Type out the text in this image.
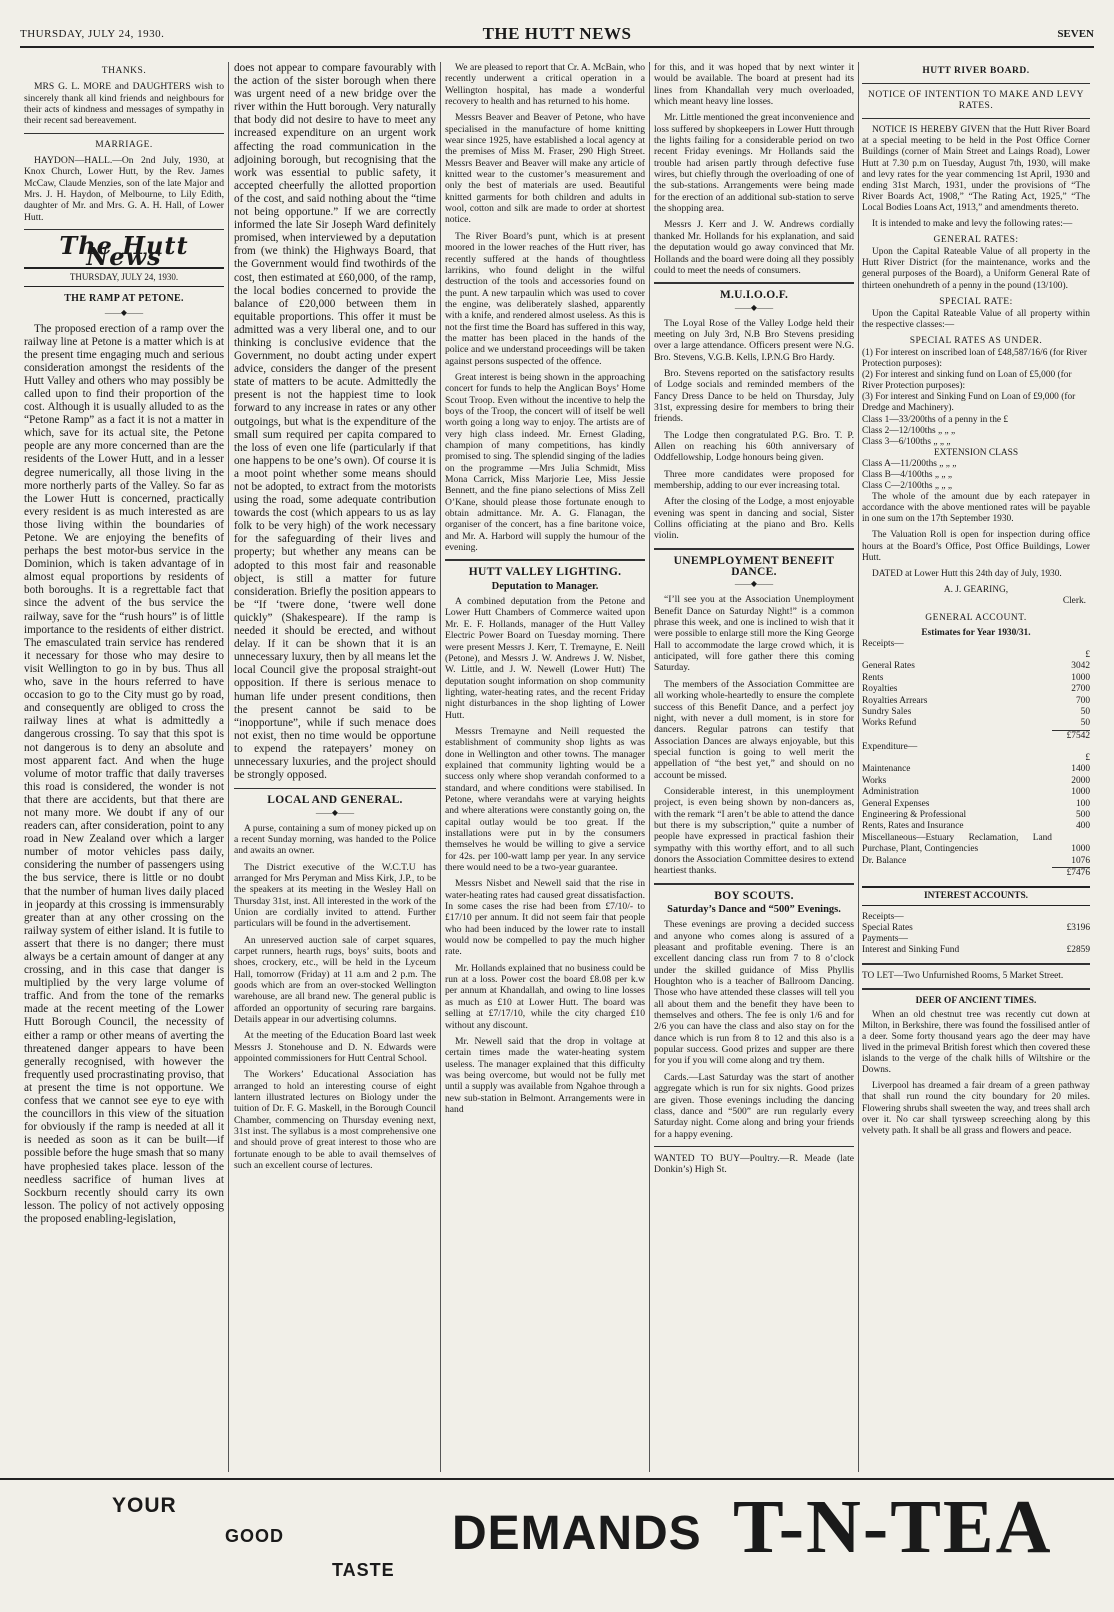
THURSDAY, JULY 24, 1930.	THE HUTT NEWS	SEVEN
THANKS.

MRS G. L. MORE and DAUGHTERS wish to sincerely thank all kind friends and neighbours for their acts of kindness and messages of sympathy in their recent sad bereavement.

MARRIAGE.

HAYDON—HALL.—On 2nd July, 1930, at Knox Church, Lower Hutt, by the Rev. James McCaw, Claude Menzies, son of the late Major and Mrs. J. H. Haydon, of Melbourne, to Lily Edith, daughter of Mr. and Mrs. G. A. H. Hall, of Lower Hutt.

The Hutt News
THURSDAY, JULY 24, 1930.
THE RAMP AT PETONE.
——◆——

The proposed erection of a ramp over the railway line at Petone is a matter which is at the present time engaging much and serious consideration amongst the residents of the Hutt Valley and others who may possibly be called upon to find their proportion of the cost. Although it is usually alluded to as the “Petone Ramp” as a fact it is not a matter in which, save for its actual site, the Petone people are any more concerned than are the residents of the Lower Hutt, and in a lesser degree numerically, all those living in the more northerly parts of the Valley. So far as the Lower Hutt is concerned, practically every resident is as much interested as are those living within the boundaries of Petone. We are enjoying the benefits of perhaps the best motor-bus service in the Dominion, which is taken advantage of in almost equal proportions by residents of both boroughs. It is a regrettable fact that since the advent of the bus service the railway, save for the “rush hours” is of little importance to the residents of either district. The emasculated train service has rendered it necessary for those who may desire to visit Wellington to go in by bus. Thus all who, save in the hours referred to have occasion to go to the City must go by road, and consequently are obliged to cross the railway lines at what is admittedly a dangerous crossing. To say that this spot is not dangerous is to deny an absolute and most apparent fact. And when the huge volume of motor traffic that daily traverses this road is considered, the wonder is not that there are accidents, but that there are not many more. We doubt if any of our readers can, after consideration, point to any road in New Zealand over which a larger number of motor vehicles pass daily, considering the number of passengers using the bus service, there is little or no doubt that the number of human lives daily placed in jeopardy at this crossing is immensurably greater than at any other crossing on the railway system of either island. It is futile to assert that there is no danger; there must always be a certain amount of danger at any crossing, and in this case that danger is multiplied by the very large volume of traffic. And from the tone of the remarks made at the recent meeting of the Lower Hutt Borough Council, the necessity of either a ramp or other means of averting the threatened danger appears to have been generally recognised, with however the frequently used procrastinating proviso, that at present the time is not opportune. We confess that we cannot see eye to eye with the councillors in this view of the situation for obviously if the ramp is needed at all it is needed as soon as it can be built—if possible before the huge smash that so many have prophesied takes place. lesson of the needless sacrifice of human lives at Sockburn recently should carry its own lesson. The policy of not actively opposing the proposed enabling-legislation,

does not appear to compare favourably with the action of the sister borough when there was urgent need of a new bridge over the river within the Hutt borough. Very naturally that body did not desire to have to meet any increased expenditure on an urgent work affecting the road communication in the adjoining borough, but recognising that the work was essential to public safety, it accepted cheerfully the allotted proportion of the cost, and said nothing about the “time not being opportune.” If we are correctly informed the late Sir Joseph Ward definitely promised, when interviewed by a deputation from (we think) the Highways Board, that the Government would find twothirds of the cost, then estimated at £60,000, of the ramp, the local bodies concerned to provide the balance of £20,000 between them in equitable proportions. This offer it must be admitted was a very liberal one, and to our thinking is conclusive evidence that the Government, no doubt acting under expert advice, considers the danger of the present state of matters to be acute. Admittedly the present is not the happiest time to look forward to any increase in rates or any other outgoings, but what is the expenditure of the small sum required per capita compared to the loss of even one life (particularly if that one happens to be one’s own). Of course it is a moot point whether some means should not be adopted, to extract from the motorists using the road, some adequate contribution towards the cost (which appears to us as lay folk to be very high) of the work necessary for the safeguarding of their lives and property; but whether any means can be adopted to this most fair and reasonable object, is still a matter for future consideration. Briefly the position appears to be “If ‘twere done, ‘twere well done quickly” (Shakespeare). If the ramp is needed it should be erected, and without delay. If it can be shown that it is an unnecessary luxury, then by all means let the local Council give the proposal straight-out opposition. If there is serious menace to human life under present conditions, then the present cannot be said to be “inopportune”, while if such menace does not exist, then no time would be opportune to expend the ratepayers’ money on unnecessary luxuries, and the project should be strongly opposed.

LOCAL AND GENERAL.
——◆——

A purse, containing a sum of money picked up on a recent Sunday morning, was handed to the Police and awaits an owner.

The District executive of the W.C.T.U has arranged for Mrs Peryman and Miss Kirk, J.P., to be the speakers at its meeting in the Wesley Hall on Thursday 31st, inst. All interested in the work of the Union are cordially invited to attend. Further particulars will be found in the advertisement.

An unreserved auction sale of carpet squares, carpet runners, hearth rugs, boys’ suits, boots and shoes, crockery, etc., will be held in the Lyceum Hall, tomorrow (Friday) at 11 a.m and 2 p.m. The goods which are from an over-stocked Wellington warehouse, are all brand new. The general public is afforded an opportunity of securing rare bargains. Details appear in our advertising columns.

At the meeting of the Education Board last week Messrs J. Stonehouse and D. N. Edwards were appointed commissioners for Hutt Central School.

The Workers’ Educational Association has arranged to hold an interesting course of eight lantern illustrated lectures on Biology under the tuition of Dr. F. G. Maskell, in the Borough Council Chamber, commencing on Thursday evening next, 31st inst. The syllabus is a most comprehensive one and should prove of great interest to those who are fortunate enough to be able to avail themselves of such an excellent course of lectures.

We are pleased to report that Cr. A. McBain, who recently underwent a critical operation in a Wellington hospital, has made a wonderful recovery to health and has returned to his home.

Messrs Beaver and Beaver of Petone, who have specialised in the manufacture of home knitting wear since 1925, have established a local agency at the premises of Miss M. Fraser, 290 High Street. Messrs Beaver and Beaver will make any article of knitted wear to the customer’s measurement and only the best of materials are used. Beautiful knitted garments for both children and adults in wool, cotton and silk are made to order at shortest notice.

The River Board’s punt, which is at present moored in the lower reaches of the Hutt river, has recently suffered at the hands of thoughtless larrikins, who found delight in the wilful destruction of the tools and accessories found on the punt. A new tarpaulin which was used to cover the engine, was deliberately slashed, apparently with a knife, and rendered almost useless. As this is not the first time the Board has suffered in this way, the matter has been placed in the hands of the police and we understand proceedings will be taken against persons suspected of the offence.

Great interest is being shown in the approaching concert for funds to help the Anglican Boys’ Home Scout Troop. Even without the incentive to help the boys of the Troop, the concert will of itself be well worth going a long way to enjoy. The artists are of very high class indeed. Mr. Ernest Glading, champion of many competitions, has kindly promised to sing. The splendid singing of the ladies on the programme —Mrs Julia Schmidt, Miss Mona Carrick, Miss Marjorie Lee, Miss Jessie Bennett, and the fine piano selections of Miss Zell O’Kane, should please those fortunate enough to obtain admittance. Mr. A. G. Flanagan, the organiser of the concert, has a fine baritone voice, and Mr. A. Harbord will supply the humour of the evening.

HUTT VALLEY LIGHTING.
Deputation to Manager.

A combined deputation from the Petone and Lower Hutt Chambers of Commerce waited upon Mr. E. F. Hollands, manager of the Hutt Valley Electric Power Board on Tuesday morning. There were present Messrs J. Kerr, T. Tremayne, E. Neill (Petone), and Messrs J. W. Andrews J. W. Nisbet, W. Little, and J. W. Newell (Lower Hutt) The deputation sought information on shop community lighting, water-heating rates, and the recent Friday night disturbances in the shop lighting of Lower Hutt.

Messrs Tremayne and Neill requested the establishment of community shop lights as was done in Wellington and other towns. The manager explained that community lighting would be a success only where shop verandah conformed to a standard, and where conditions were stabilised. In Petone, where verandahs were at varying heights and where alterations were constantly going on, the capital outlay would be too great. If the installations were put in by the consumers themselves he would be willing to give a service for 42s. per 100-watt lamp per year. In any service there would need to be a two-year guarantee.

Messrs Nisbet and Newell said that the rise in water-heating rates had caused great dissatisfaction. In some cases the rise had been from £7/10/- to £17/10 per annum. It did not seem fair that people who had been induced by the lower rate to install would now be compelled to pay the much higher rate.

Mr. Hollands explained that no business could be run at a loss. Power cost the board £8.08 per k.w per annum at Khandallah, and owing to line losses as much as £10 at Lower Hutt. The board was selling at £7/17/10, while the city charged £10 without any discount.

Mr. Newell said that the drop in voltage at certain times made the water-heating system useless. The manager explained that this difficulty was being overcome, but would not be fully met until a supply was available from Ngahoe through a new sub-station in Belmont. Arrangements were in hand

for this, and it was hoped that by next winter it would be available. The board at present had its lines from Khandallah very much overloaded, which meant heavy line losses.

Mr. Little mentioned the great inconvenience and loss suffered by shopkeepers in Lower Hutt through the lights failing for a considerable period on two recent Friday evenings. Mr Hollands said the trouble had arisen partly through defective fuse wires, but chiefly through the overloading of one of the sub-stations. Arrangements were being made for the erection of an additional sub-station to serve the shopping area.

Messrs J. Kerr and J. W. Andrews cordially thanked Mr. Hollands for his explanation, and said the deputation would go away convinced that Mr. Hollands and the board were doing all they possibly could to meet the needs of consumers.

M.U.I.O.O.F.
——◆——

The Loyal Rose of the Valley Lodge held their meeting on July 3rd, N.B Bro Stevens presiding over a large attendance. Officers present were N.G. Bro. Stevens, V.G.B. Kells, I.P.N.G Bro Hardy.

Bro. Stevens reported on the satisfactory results of Lodge socials and reminded members of the Fancy Dress Dance to be held on Thursday, July 31st, expressing desire for members to bring their friends.

The Lodge then congratulated P.G. Bro. T. P. Allen on reaching his 60th anniversary of Oddfellowship, Lodge honours being given.

Three more candidates were proposed for membership, adding to our ever increasing total.

After the closing of the Lodge, a most enjoyable evening was spent in dancing and social, Sister Collins officiating at the piano and Bro. Kells violin.

UNEMPLOYMENT BENEFIT DANCE.
——◆——

“I’ll see you at the Association Unemployment Benefit Dance on Saturday Night!” is a common phrase this week, and one is inclined to wish that it were possible to enlarge still more the King George Hall to accommodate the large crowd which, it is anticipated, will fore gather there this coming Saturday.

The members of the Association Committee are all working whole-heartedly to ensure the complete success of this Benefit Dance, and a perfect joy night, with never a dull moment, is in store for dancers. Regular patrons can testify that Association Dances are always enjoyable, but this special function is going to well merit the appellation of “the best yet,” and should on no account be missed.

Considerable interest, in this unemployment project, is even being shown by non-dancers as, with the remark “I aren’t be able to attend the dance but there is my subscription,” quite a number of people have expressed in practical fashion their sympathy with this worthy effort, and to all such donors the Association Committee desires to extend heartiest thanks.

BOY SCOUTS.
Saturday’s Dance and “500” Evenings.

These evenings are proving a decided success and anyone who comes along is assured of a pleasant and profitable evening. There is an excellent dancing class run from 7 to 8 o’clock under the skilled guidance of Miss Phyllis Houghton who is a teacher of Ballroom Dancing. Those who have attended these classes will tell you all about them and the benefit they have been to themselves and others. The fee is only 1/6 and for 2/6 you can have the class and also stay on for the dance which is run from 8 to 12 and this also is a popular success. Good prizes and supper are there for you if you will come along and try them.

Cards.—Last Saturday was the start of another aggregate which is run for six nights. Good prizes are given. Those evenings including the dancing class, dance and “500” are run regularly every Saturday night. Come along and bring your friends for a happy evening.

WANTED TO BUY—Poultry.—R. Meade (late Donkin’s) High St.

HUTT RIVER BOARD.
NOTICE OF INTENTION TO MAKE AND LEVY RATES.

NOTICE IS HEREBY GIVEN that the Hutt River Board at a special meeting to be held in the Post Office Corner Buildings (corner of Main Street and Laings Road), Lower Hutt at 7.30 p.m on Tuesday, August 7th, 1930, will make and levy rates for the year commencing 1st April, 1930 and ending 31st March, 1931, under the provisions of “The River Boards Act, 1908,” “The Rating Act, 1925,” “The Local Bodies Loans Act, 1913,” and amendments thereto.

It is intended to make and levy the following rates:—

GENERAL RATES:

Upon the Capital Rateable Value of all property in the Hutt River District (for the maintenance, works and the general purposes of the Board), a Uniform General Rate of thirteen onehundreth of a penny in the pound (13/100).

SPECIAL RATE:

Upon the Capital Rateable Value of all property within the respective classes:—

SPECIAL RATES AS UNDER.
(1) For interest on inscribed loan of £48,587/16/6 (for River Protection purposes):
(2) For interest and sinking fund on Loan of £5,000 (for River Protection purposes):
(3) For interest and Sinking Fund on Loan of £9,000 (for Dredge and Machinery).
Class 1—33/200ths of a penny in the £
Class 2—12/100ths „ „ „
Class 3—6/100ths „ „ „
EXTENSION CLASS
Class A—11/200ths „ „ „
Class B—4/100ths „ „ „
Class C—2/100ths „ „ „

The whole of the amount due by each ratepayer in accordance with the above mentioned rates will be payable in one sum on the 17th September 1930.

The Valuation Roll is open for inspection during office hours at the Board’s Office, Post Office Buildings, Lower Hutt.

DATED at Lower Hutt this 24th day of July, 1930.

A. J. GEARING,
Clerk.
GENERAL ACCOUNT.
Estimates for Year 1930/31.
Receipts—
£
General Rates	3042
Rents	1000
Royalties	2700
Royalties Arrears	700
Sundry Sales	50
Works Refund	50
	£7542
Expenditure—
£
Maintenance	1400
Works	2000
Administration	1000
General Expenses	100
Engineering & Professional	500
Rents, Rates and Insurance	400
Miscellaneous—Estuary Reclamation, Land Purchase, Plant, Contingencies	1000
Dr. Balance	1076
	£7476
INTEREST ACCOUNTS.
Receipts—
Special Rates	£3196
Payments—
Interest and Sinking Fund	£2859

TO LET—Two Unfurnished Rooms, 5 Market Street.

DEER OF ANCIENT TIMES.

When an old chestnut tree was recently cut down at Milton, in Berkshire, there was found the fossilised antler of a deer. Some forty thousand years ago the deer may have lived in the primeval British forest which then covered these islands to the verge of the chalk hills of Wiltshire or the Downs.

Liverpool has dreamed a fair dream of a green pathway that shall run round the city boundary for 20 miles. Flowering shrubs shall sweeten the way, and trees shall arch over it. No car shall tyrsweep screeching along by this velvety path. It shall be all grass and flowers and peace.

YOUR
GOOD
TASTE
DEMANDS T-N-TEA
